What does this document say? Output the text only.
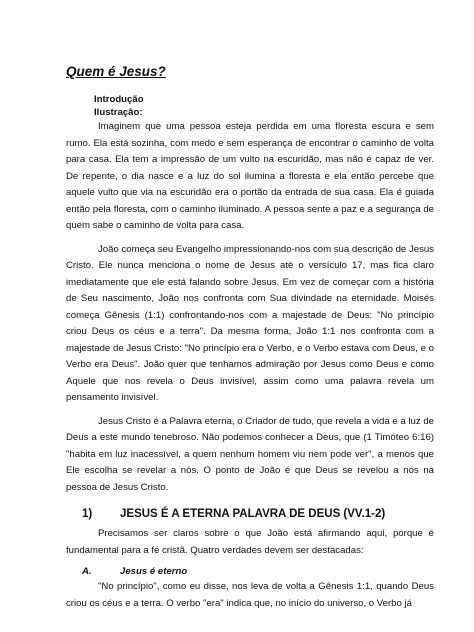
Quem é Jesus?
Introdução
Ilustração:

Imaginem que uma pessoa esteja perdida em uma floresta escura e sem rumo. Ela está sozinha, com medo e sem esperança de encontrar o caminho de volta para casa. Ela tem a impressão de um vulto na escuridão, mas não é capaz de ver. De repente, o dia nasce e a luz do sol ilumina a floresta e ela então percebe que aquele vulto que via na escuridão era o portão da entrada de sua casa. Ela é guiada então pela floresta, com o caminho iluminado. A pessoa sente a paz e a segurança de quem sabe o caminho de volta para casa.

João começa seu Evangelho impressionando-nos com sua descrição de Jesus Cristo. Ele nunca menciona o nome de Jesus até o versículo 17, mas fica claro imediatamente que ele está falando sobre Jesus. Em vez de começar com a história de Seu nascimento, João nos confronta com Sua divindade na eternidade. Moisés começa Gênesis (1:1) confrontando-nos com a majestade de Deus: "No princípio criou Deus os céus e a terra". Da mesma forma, João 1:1 nos confronta com a majestade de Jesus Cristo: "No princípio era o Verbo, e o Verbo estava com Deus, e o Verbo era Deus". João quer que tenhamos admiração por Jesus como Deus e como Aquele que nos revela o Deus invisível, assim como uma palavra revela um pensamento invisível.

Jesus Cristo é a Palavra eterna, o Criador de tudo, que revela a vida e a luz de Deus a este mundo tenebroso. Não podemos conhecer a Deus, que (1 Timóteo 6:16) "habita em luz inacessível, a quem nenhum homem viu nem pode ver", a menos que Ele escolha se revelar a nós. O ponto de João é que Deus se revelou a nós na pessoa de Jesus Cristo.

1)	JESUS É A ETERNA PALAVRA DE DEUS (VV.1-2)

Precisamos ser claros sobre o que João está afirmando aqui, porque é fundamental para a fé cristã. Quatro verdades devem ser destacadas:

A.	Jesus é eterno

"No princípio", como eu disse, nos leva de volta a Gênesis 1:1, quando Deus criou os céus e a terra. O verbo "era" indica que, no início do universo, o Verbo já
